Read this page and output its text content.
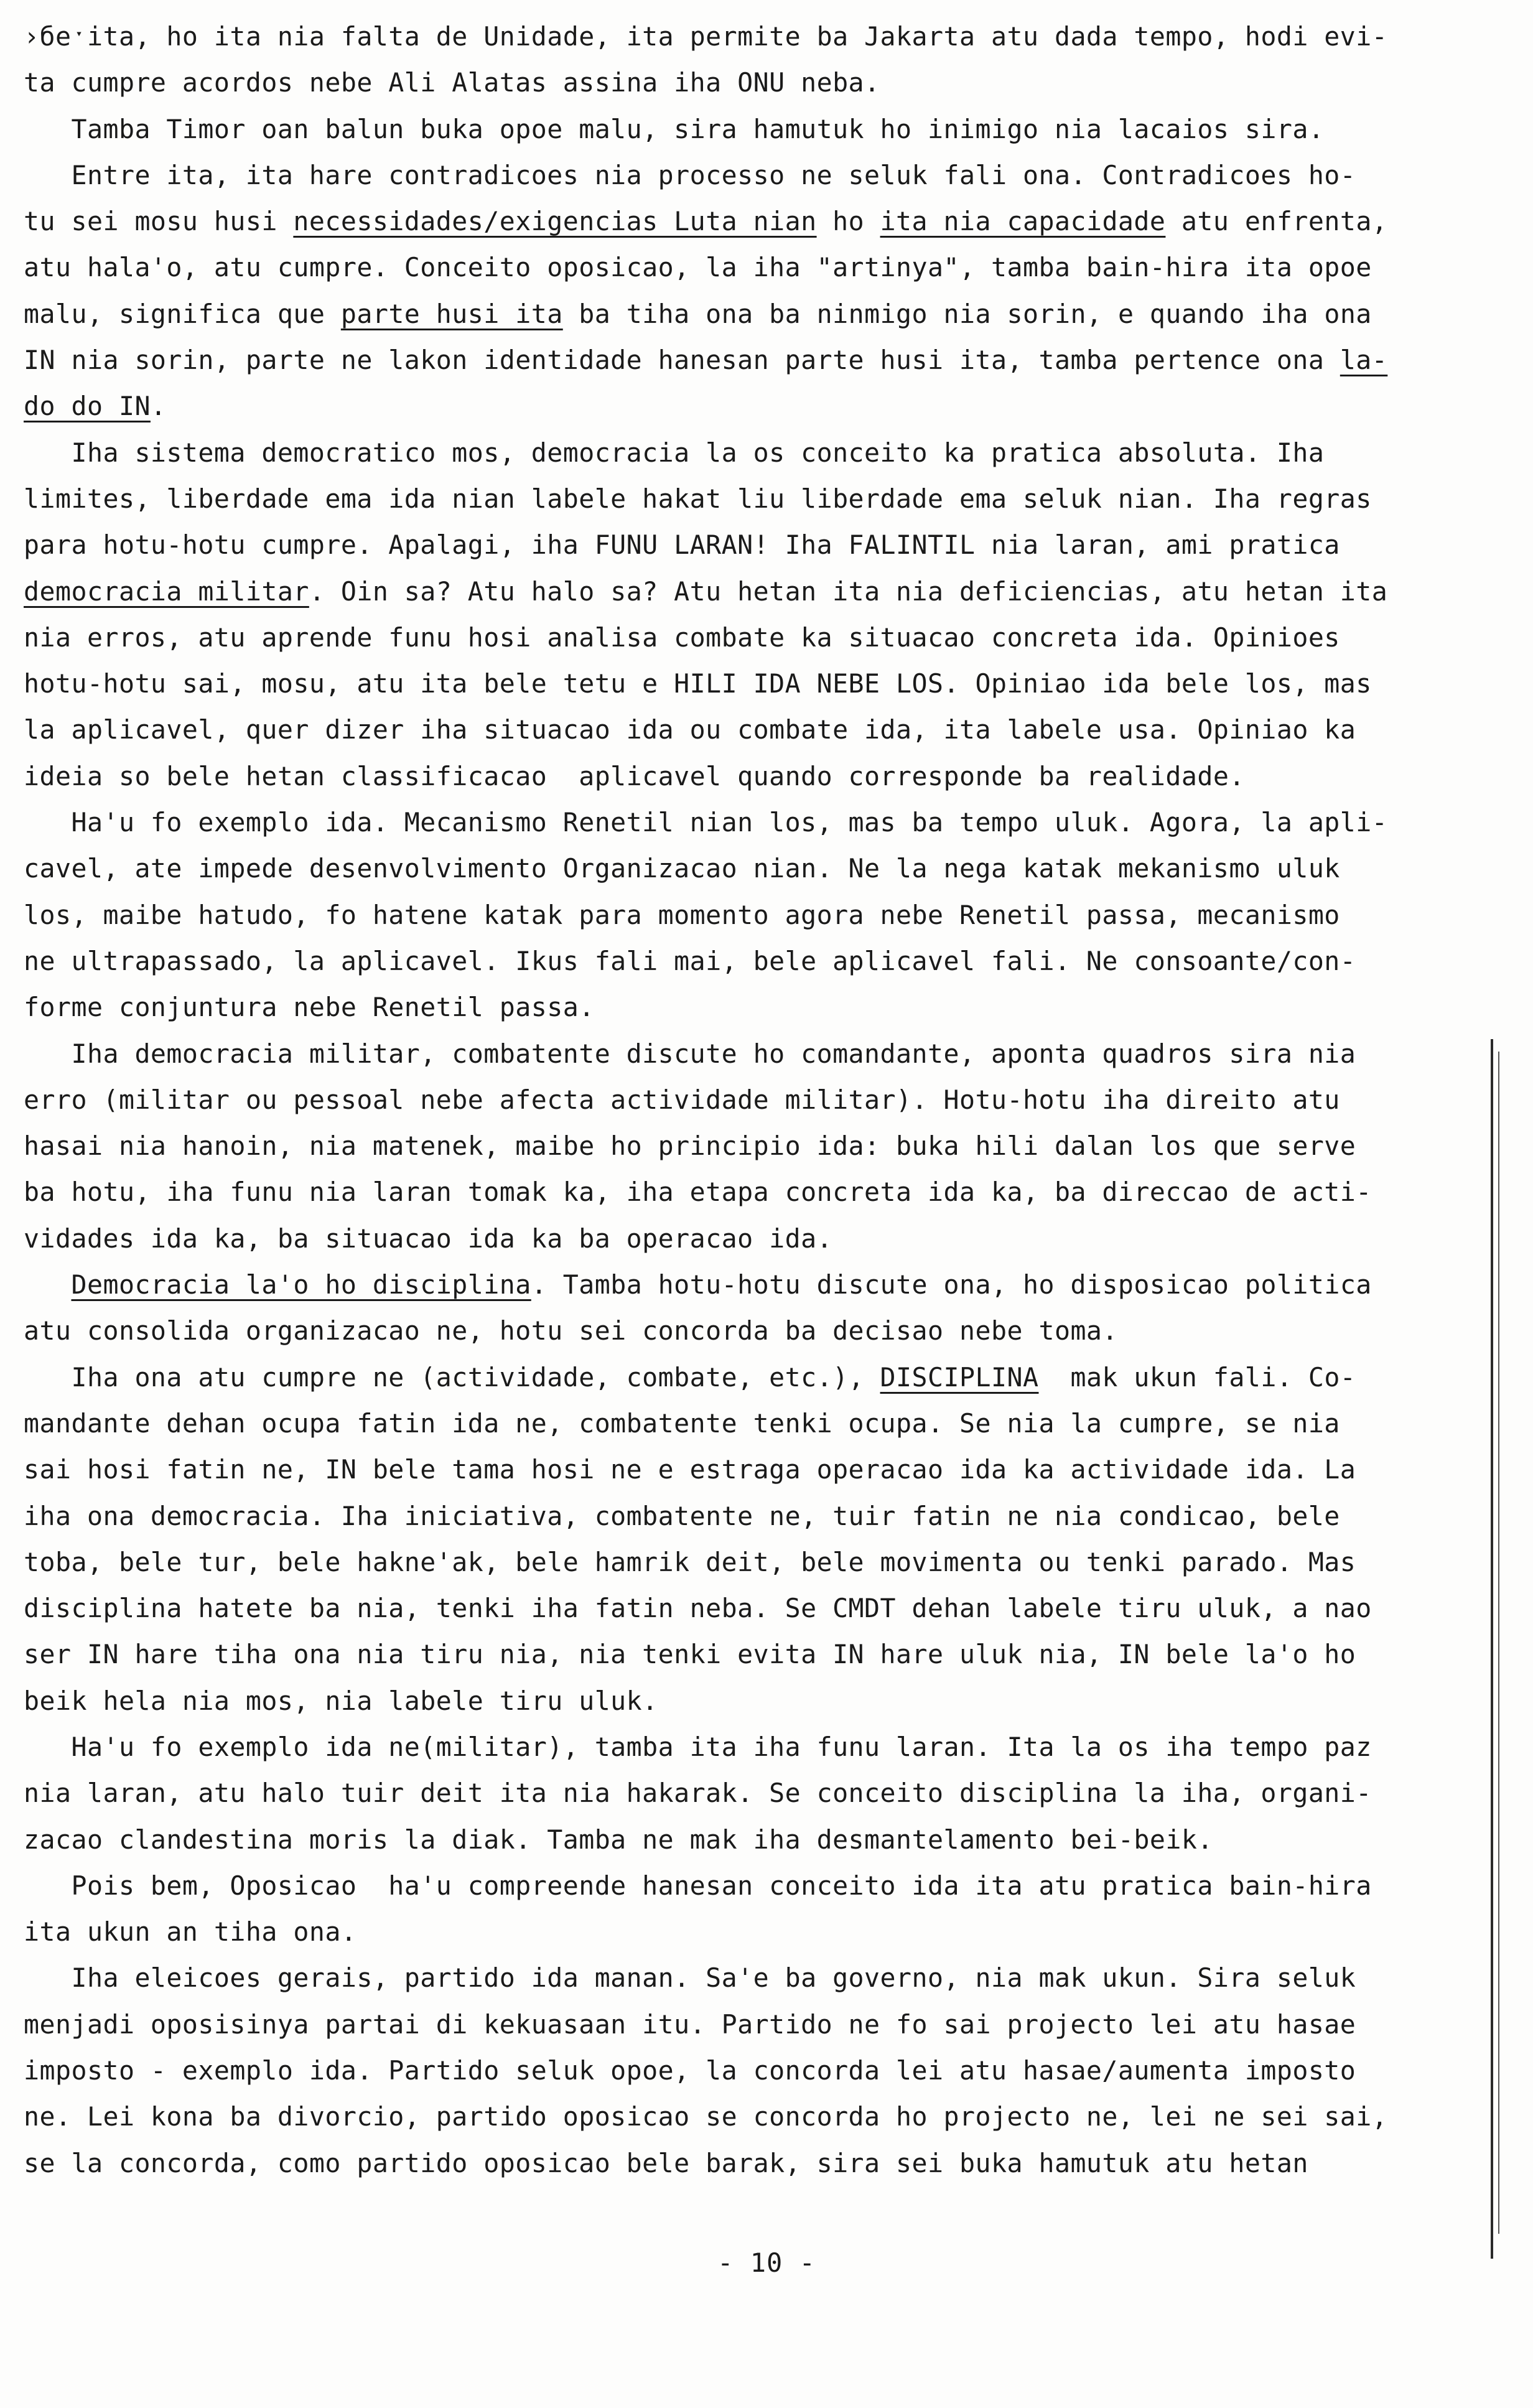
›бeˑita, ho ita nia falta de Unidade, ita permite ba Jakarta atu dada tempo, hodi evi-
ta cumpre acordos nebe Ali Alatas assina iha ONU neba.
Tamba Timor oan balun buka opoe malu, sira hamutuk ho inimigo nia lacaios sira.
Entre ita, ita hare contradicoes nia processo ne seluk fali ona. Contradicoes ho-
tu sei mosu husi necessidades/exigencias Luta nian ho ita nia capacidade atu enfrenta,
atu hala'o, atu cumpre. Conceito oposicao, la iha "artinya", tamba bain-hira ita opoe
malu, significa que parte husi ita ba tiha ona ba ninmigo nia sorin, e quando iha ona
IN nia sorin, parte ne lakon identidade hanesan parte husi ita, tamba pertence ona la-
do do IN.
Iha sistema democratico mos, democracia la os conceito ka pratica absoluta. Iha
limites, liberdade ema ida nian labele hakat liu liberdade ema seluk nian. Iha regras
para hotu-hotu cumpre. Apalagi, iha FUNU LARAN! Iha FALINTIL nia laran, ami pratica
democracia militar. Oin sa? Atu halo sa? Atu hetan ita nia deficiencias, atu hetan ita
nia erros, atu aprende funu hosi analisa combate ka situacao concreta ida. Opinioes
hotu-hotu sai, mosu, atu ita bele tetu e HILI IDA NEBE LOS. Opiniao ida bele los, mas
la aplicavel, quer dizer iha situacao ida ou combate ida, ita labele usa. Opiniao ka
ideia so bele hetan classificacao  aplicavel quando corresponde ba realidade.
Ha'u fo exemplo ida. Mecanismo Renetil nian los, mas ba tempo uluk. Agora, la apli-
cavel, ate impede desenvolvimento Organizacao nian. Ne la nega katak mekanismo uluk
los, maibe hatudo, fo hatene katak para momento agora nebe Renetil passa, mecanismo
ne ultrapassado, la aplicavel. Ikus fali mai, bele aplicavel fali. Ne consoante/con-
forme conjuntura nebe Renetil passa.
Iha democracia militar, combatente discute ho comandante, aponta quadros sira nia
erro (militar ou pessoal nebe afecta actividade militar). Hotu-hotu iha direito atu
hasai nia hanoin, nia matenek, maibe ho principio ida: buka hili dalan los que serve
ba hotu, iha funu nia laran tomak ka, iha etapa concreta ida ka, ba direccao de acti-
vidades ida ka, ba situacao ida ka ba operacao ida.
Democracia la'o ho disciplina. Tamba hotu-hotu discute ona, ho disposicao politica
atu consolida organizacao ne, hotu sei concorda ba decisao nebe toma.
Iha ona atu cumpre ne (actividade, combate, etc.), DISCIPLINA  mak ukun fali. Co-
mandante dehan ocupa fatin ida ne, combatente tenki ocupa. Se nia la cumpre, se nia
sai hosi fatin ne, IN bele tama hosi ne e estraga operacao ida ka actividade ida. La
iha ona democracia. Iha iniciativa, combatente ne, tuir fatin ne nia condicao, bele
toba, bele tur, bele hakne'ak, bele hamrik deit, bele movimenta ou tenki parado. Mas
disciplina hatete ba nia, tenki iha fatin neba. Se CMDT dehan labele tiru uluk, a nao
ser IN hare tiha ona nia tiru nia, nia tenki evita IN hare uluk nia, IN bele la'o ho
beik hela nia mos, nia labele tiru uluk.
Ha'u fo exemplo ida ne(militar), tamba ita iha funu laran. Ita la os iha tempo paz
nia laran, atu halo tuir deit ita nia hakarak. Se conceito disciplina la iha, organi-
zacao clandestina moris la diak. Tamba ne mak iha desmantelamento bei-beik.
Pois bem, Oposicao  ha'u compreende hanesan conceito ida ita atu pratica bain-hira
ita ukun an tiha ona.
Iha eleicoes gerais, partido ida manan. Sa'e ba governo, nia mak ukun. Sira seluk
menjadi oposisinya partai di kekuasaan itu. Partido ne fo sai projecto lei atu hasae
imposto - exemplo ida. Partido seluk opoe, la concorda lei atu hasae/aumenta imposto
ne. Lei kona ba divorcio, partido oposicao se concorda ho projecto ne, lei ne sei sai,
se la concorda, como partido oposicao bele barak, sira sei buka hamutuk atu hetan
- 10 -
